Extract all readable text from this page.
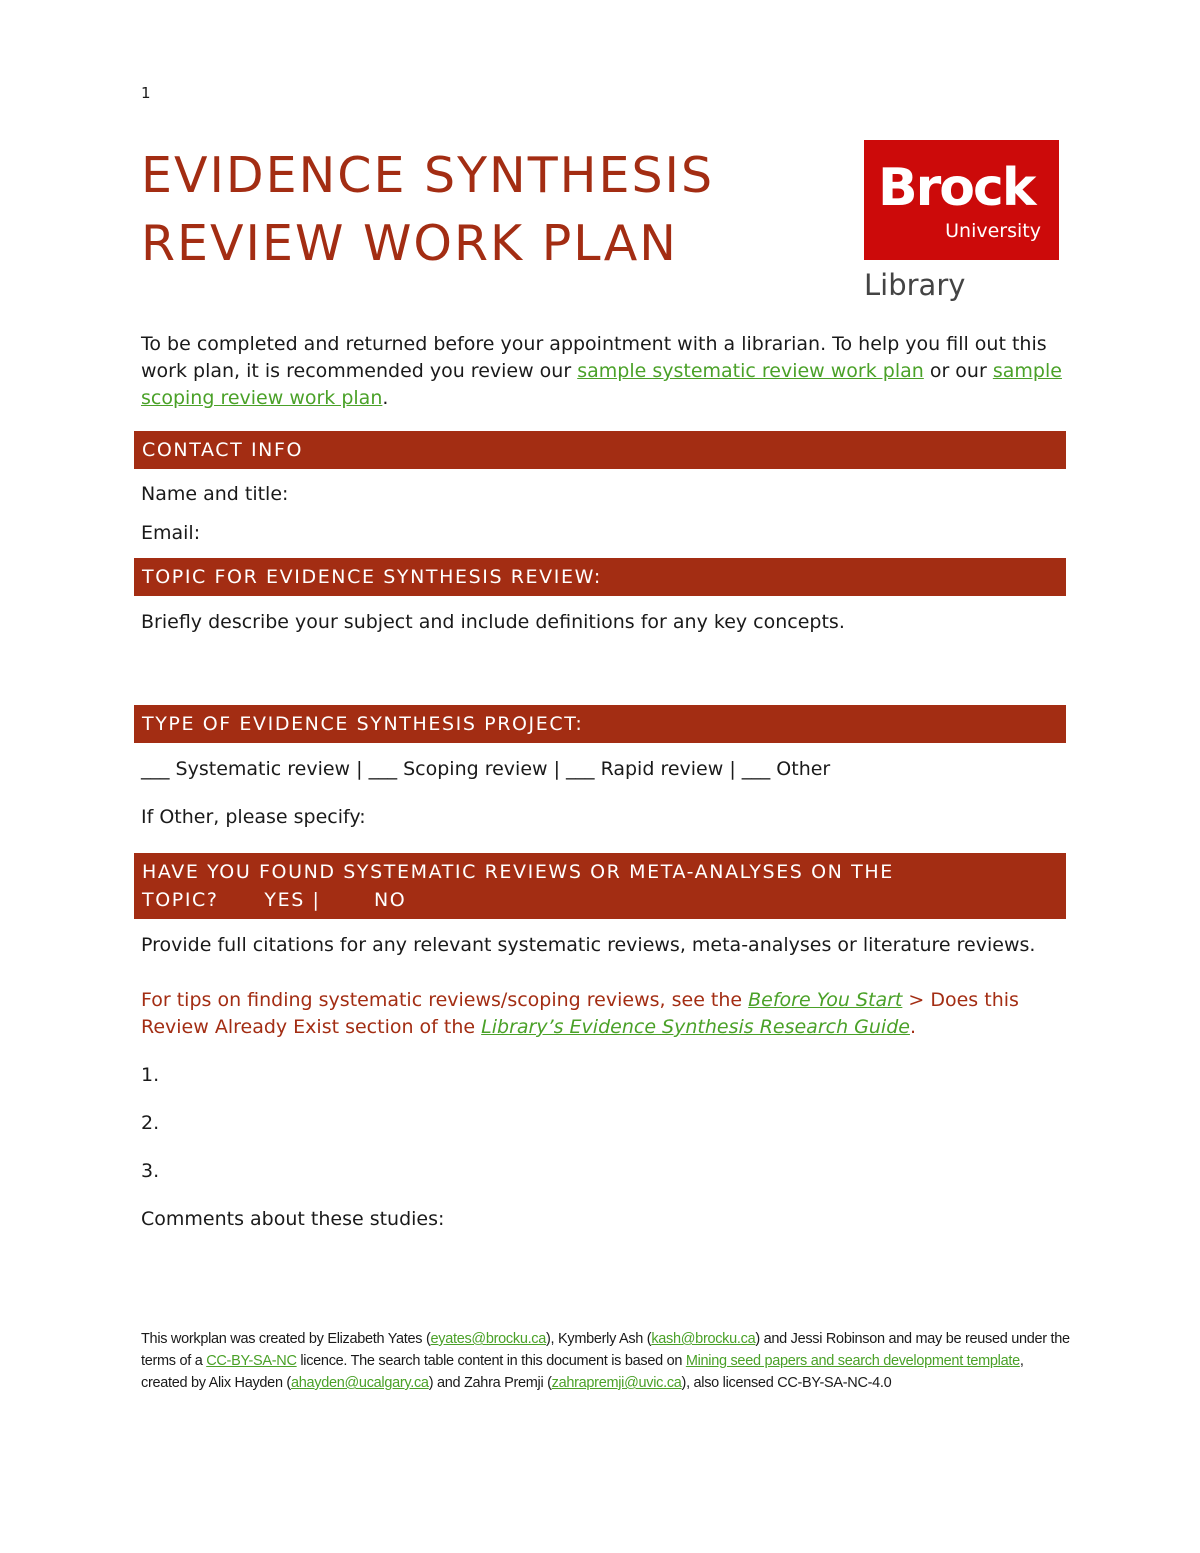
1
EVIDENCE SYNTHESIS
REVIEW WORK PLAN
Brock
University
Library
To be completed and returned before your appointment with a librarian. To help you fill out this work plan, it is recommended you review our sample systematic review work plan or our sample scoping review work plan.
CONTACT INFO
Name and title:
Email:
TOPIC FOR EVIDENCE SYNTHESIS REVIEW:
Briefly describe your subject and include definitions for any key concepts.
TYPE OF EVIDENCE SYNTHESIS PROJECT:
___ Systematic review | ___ Scoping review | ___ Rapid review | ___ Other
If Other, please specify:
HAVE YOU FOUND SYSTEMATIC REVIEWS OR META-ANALYSES ON THE
TOPIC?      YES |       NO
Provide full citations for any relevant systematic reviews, meta-analyses or literature reviews.
For tips on finding systematic reviews/scoping reviews, see the Before You Start > Does this Review Already Exist section of the Library’s Evidence Synthesis Research Guide.
1.
2.
3.
Comments about these studies:
This workplan was created by Elizabeth Yates (eyates@brocku.ca), Kymberly Ash (kash@brocku.ca) and Jessi Robinson and may be reused under the terms of a CC-BY-SA-NC licence. The search table content in this document is based on Mining seed papers and search development template, created by Alix Hayden (ahayden@ucalgary.ca) and Zahra Premji (zahrapremji@uvic.ca), also licensed CC-BY-SA-NC-4.0
